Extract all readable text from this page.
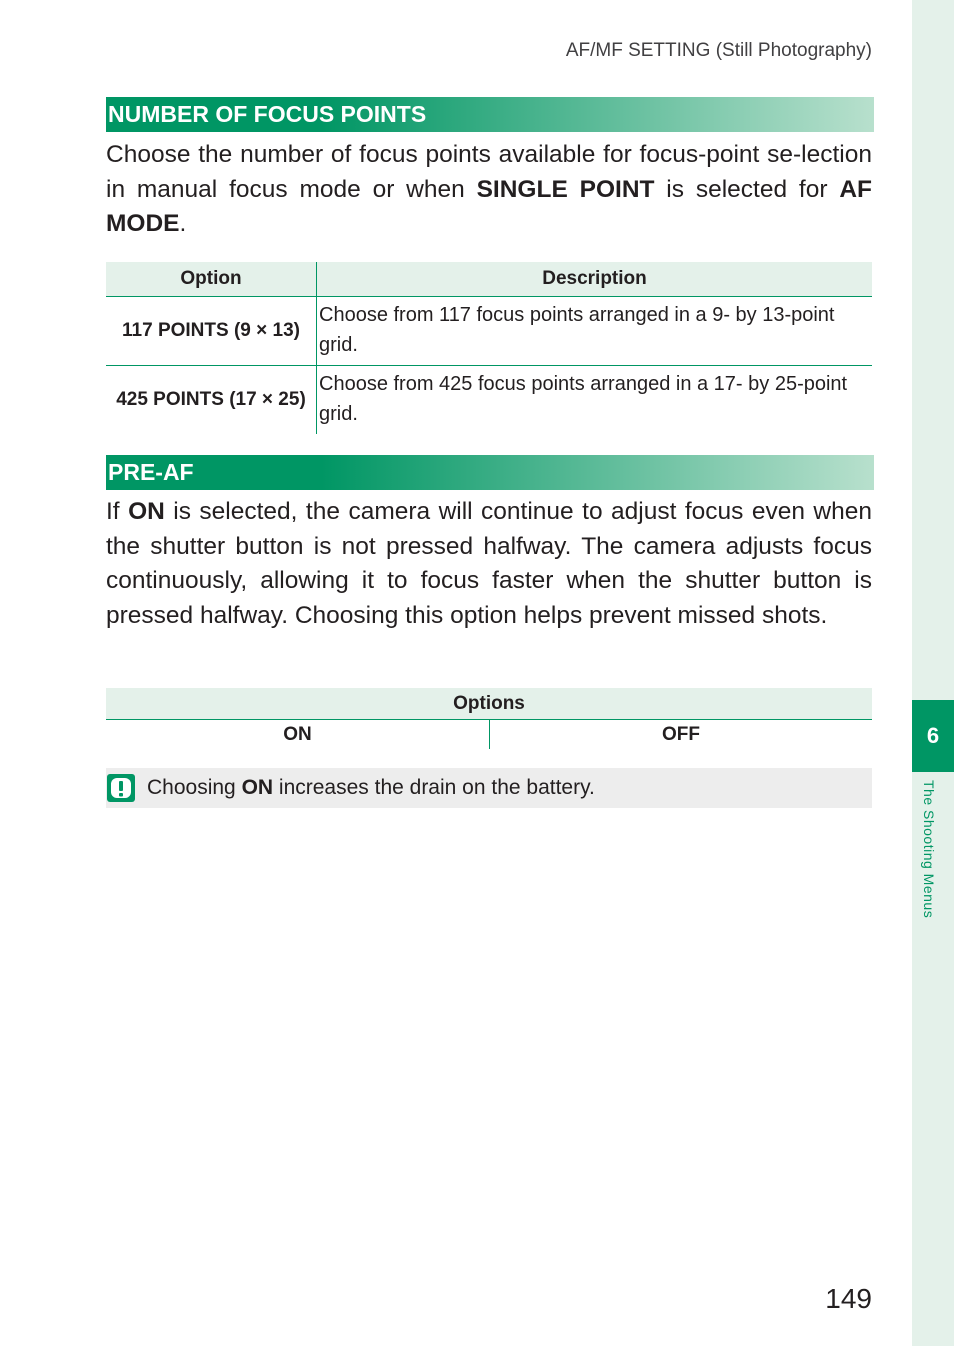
6
The Shooting Menus
AF/MF SETTING (Still Photography)
NUMBER OF FOCUS POINTS
Choose the number of focus points available for focus-point se-lection in manual focus mode or when SINGLE POINT is selected for AF MODE.
Option	Description
117 POINTS (9 × 13)	Choose from 117 focus points arranged in a 9- by 13-point grid.
425 POINTS (17 × 25)	Choose from 425 focus points arranged in a 17- by 25-point grid.
PRE-AF
If ON is selected, the camera will continue to adjust focus even when the shutter button is not pressed halfway. The camera adjusts focus continuously, allowing it to focus faster when the shutter button is pressed halfway. Choosing this option helps prevent missed shots.
Options
ON	OFF
Choosing ON increases the drain on the battery.
149
